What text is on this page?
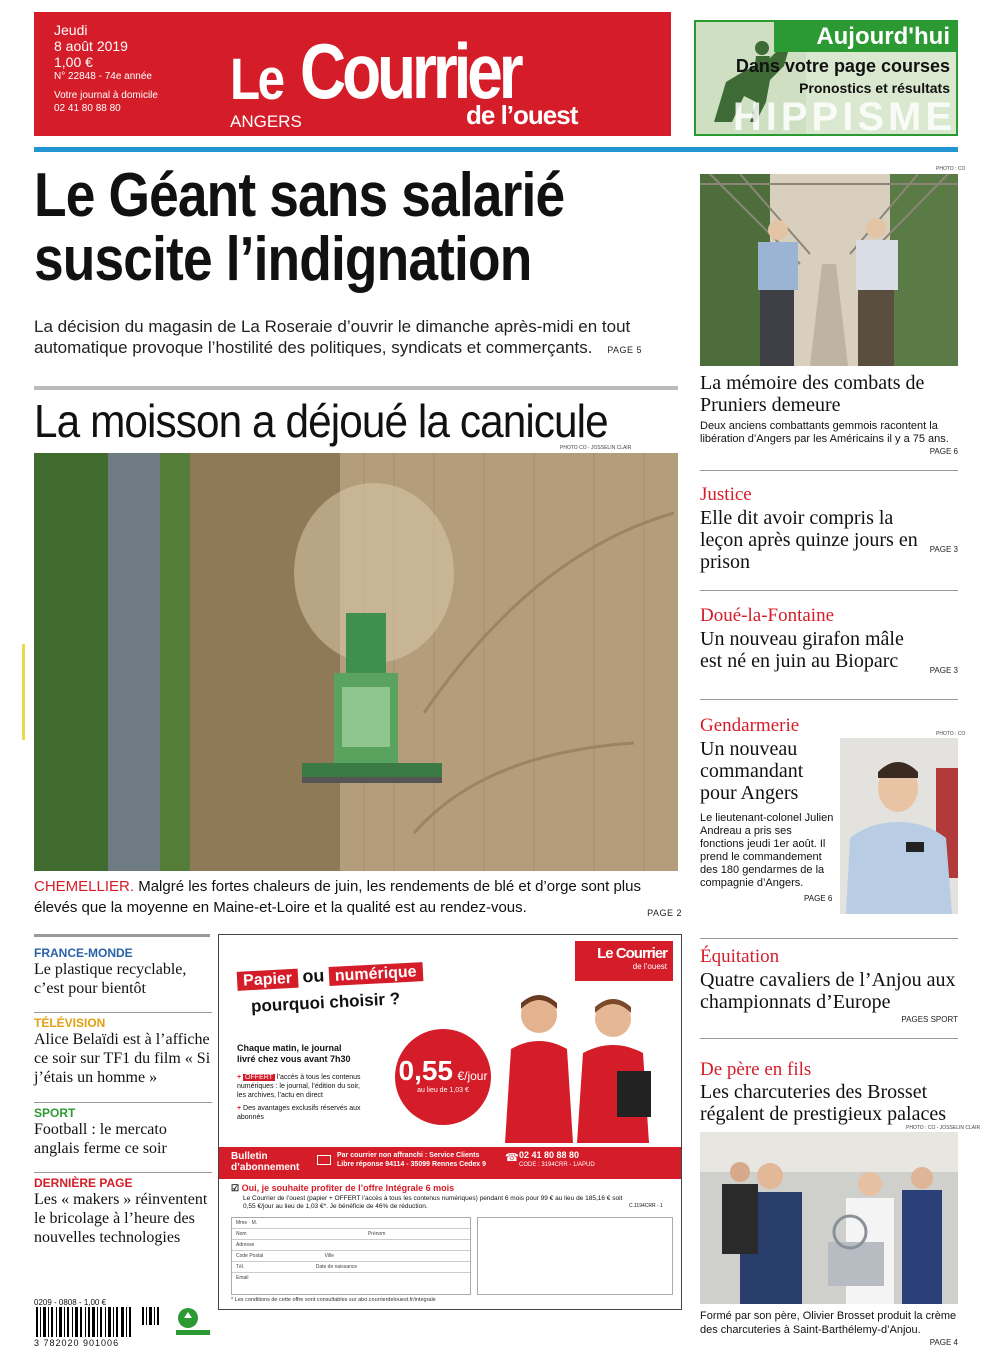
Jeudi
8 août 2019
1,00 €
N° 22848 - 74e année
Votre journal à domicile
02 41 80 88 80	Le Courrier
de l’ouest
ANGERS
Aujourd'hui
Dans votre page courses
Pronostics et résultats
HIPPISME
Le Géant sans salarié
suscite l’indignation
La décision du magasin de La Roseraie d’ouvrir le dimanche après-midi en tout automatique provoque l’hostilité des politiques, syndicats et commerçants. PAGE 5
La moisson a déjoué la canicule
PHOTO CO - JOSSELIN CLAIR
CHEMELLIER. Malgré les fortes chaleurs de juin, les rendements de blé et d’orge sont plus élevés que la moyenne en Maine-et-Loire et la qualité est au rendez-vous.	PAGE 2
PHOTO : CO
La mémoire des combats de Pruniers demeure
Deux anciens combattants gemmois racontent la libération d’Angers par les Américains il y a 75 ans.
PAGE 6
Justice
Elle dit avoir compris la leçon après quinze jours en prison
PAGE 3
Doué-la-Fontaine
Un nouveau girafon mâle est né en juin au Bioparc	PAGE 3
Gendarmerie
Un nouveau commandant pour Angers
Le lieutenant-colonel Julien Andreau a pris ses fonctions jeudi 1er août. Il prend le commandement des 180 gendarmes de la compagnie d’Angers.
PAGE 6
PHOTO : CO
Équitation
Quatre cavaliers de l’Anjou aux championnats d’Europe
PAGES SPORT
De père en fils
Les charcuteries des Brosset régalent de prestigieux palaces
PHOTO : CO - JOSSELIN CLAIR
Formé par son père, Olivier Brosset produit la crème des charcuteries à Saint-Barthélemy-d’Anjou.
PAGE 4
FRANCE-MONDE
Le plastique recyclable, c’est pour bientôt
TÉLÉVISION
Alice Belaïdi est à l’affiche ce soir sur TF1 du film « Si j’étais un homme »
SPORT
Football : le mercato anglais ferme ce soir
DERNIÈRE PAGE
Les « makers » réinventent le bricolage à l’heure des nouvelles technologies
0209 - 0808 - 1,00 €
3 782020 901006
Le Courrier
de l’ouest
Papier ou numérique
pourquoi choisir ?
Chaque matin, le journal livré chez vous avant 7h30
+ OFFERT l’accès à tous les contenus numériques : le journal, l’édition du soir, les archives, l’actu en direct
+ Des avantages exclusifs réservés aux abonnés
0,55 €/jour
au lieu de 1,03 €
Bulletin d’abonnement
Par courrier non affranchi : Service Clients Libre réponse 94114 - 35099 Rennes Cedex 9
☎ 02 41 80 88 80
CODE : 3194CRR - 1/APUD
☑ Oui, je souhaite profiter de l’offre Intégrale 6 mois
Le Courrier de l’ouest (papier + OFFERT l’accès à tous les contenus numériques) pendant 6 mois pour 99 € au lieu de 185,16 € soit 0,55 €/jour au lieu de 1,03 €*. Je bénéficie de 46% de réduction.	C.1194CRR - 1
Mme · M.
Nom	Prénom
Adresse
Code Postal	Ville
Tél.	Date de naissance
Email
* Les conditions de cette offre sont consultables sur abo.courrierdelouest.fr/integrale
